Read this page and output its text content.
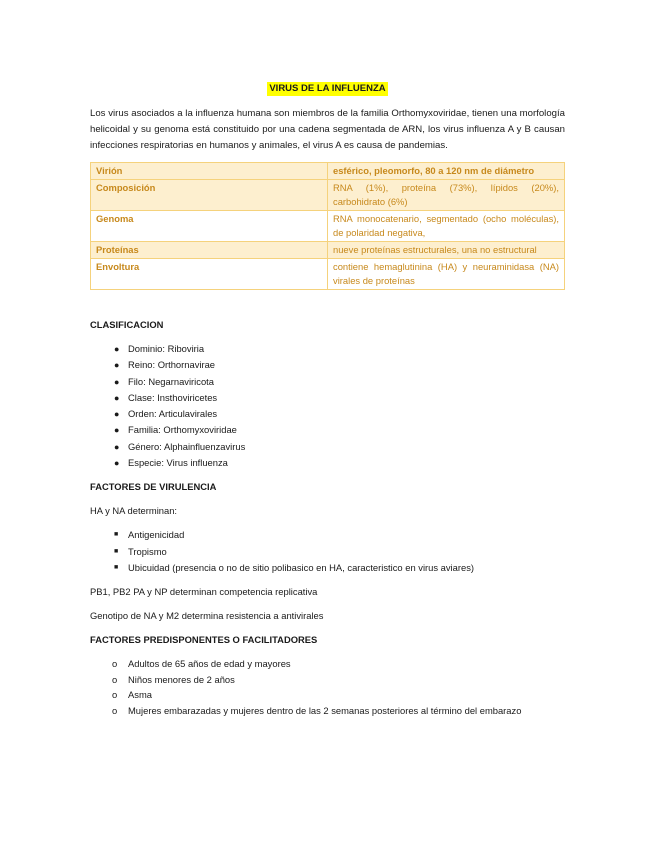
VIRUS DE LA INFLUENZA

Los virus asociados a la influenza humana son miembros de la familia Orthomyxoviridae, tienen una morfología helicoidal y su genoma está constituido por una cadena segmentada de ARN, los virus influenza A y B causan infecciones respiratorias en humanos y animales, el virus A es causa de pandemias.

Virión	esférico, pleomorfo, 80 a 120 nm de diámetro
Composición	RNA (1%), proteína (73%), lípidos (20%), carbohidrato (6%)
Genoma	RNA monocatenario, segmentado (ocho moléculas), de polaridad negativa,
Proteínas	nueve proteínas estructurales, una no estructural
Envoltura	contiene hemaglutinina (HA) y neuraminidasa (NA) virales de proteínas

CLASIFICACION

● Dominio: Riboviria
● Reino: Orthornavirae
● Filo: Negarnaviricota
● Clase: Insthoviricetes
● Orden: Articulavirales
● Familia: Orthomyxoviridae
● Género: Alphainfluenzavirus
● Especie: Virus influenza

FACTORES DE VIRULENCIA

HA y NA determinan:

■ Antigenicidad
■ Tropismo
■ Ubicuidad (presencia o no de sitio polibasico en HA, caracteristico en virus aviares)

PB1, PB2 PA y NP determinan competencia replicativa

Genotipo de NA y M2 determina resistencia a antivirales

FACTORES PREDISPONENTES O FACILITADORES

o Adultos de 65 años de edad y mayores
o Niños menores de 2 años
o Asma
o Mujeres embarazadas y mujeres dentro de las 2 semanas posteriores al término del embarazo
